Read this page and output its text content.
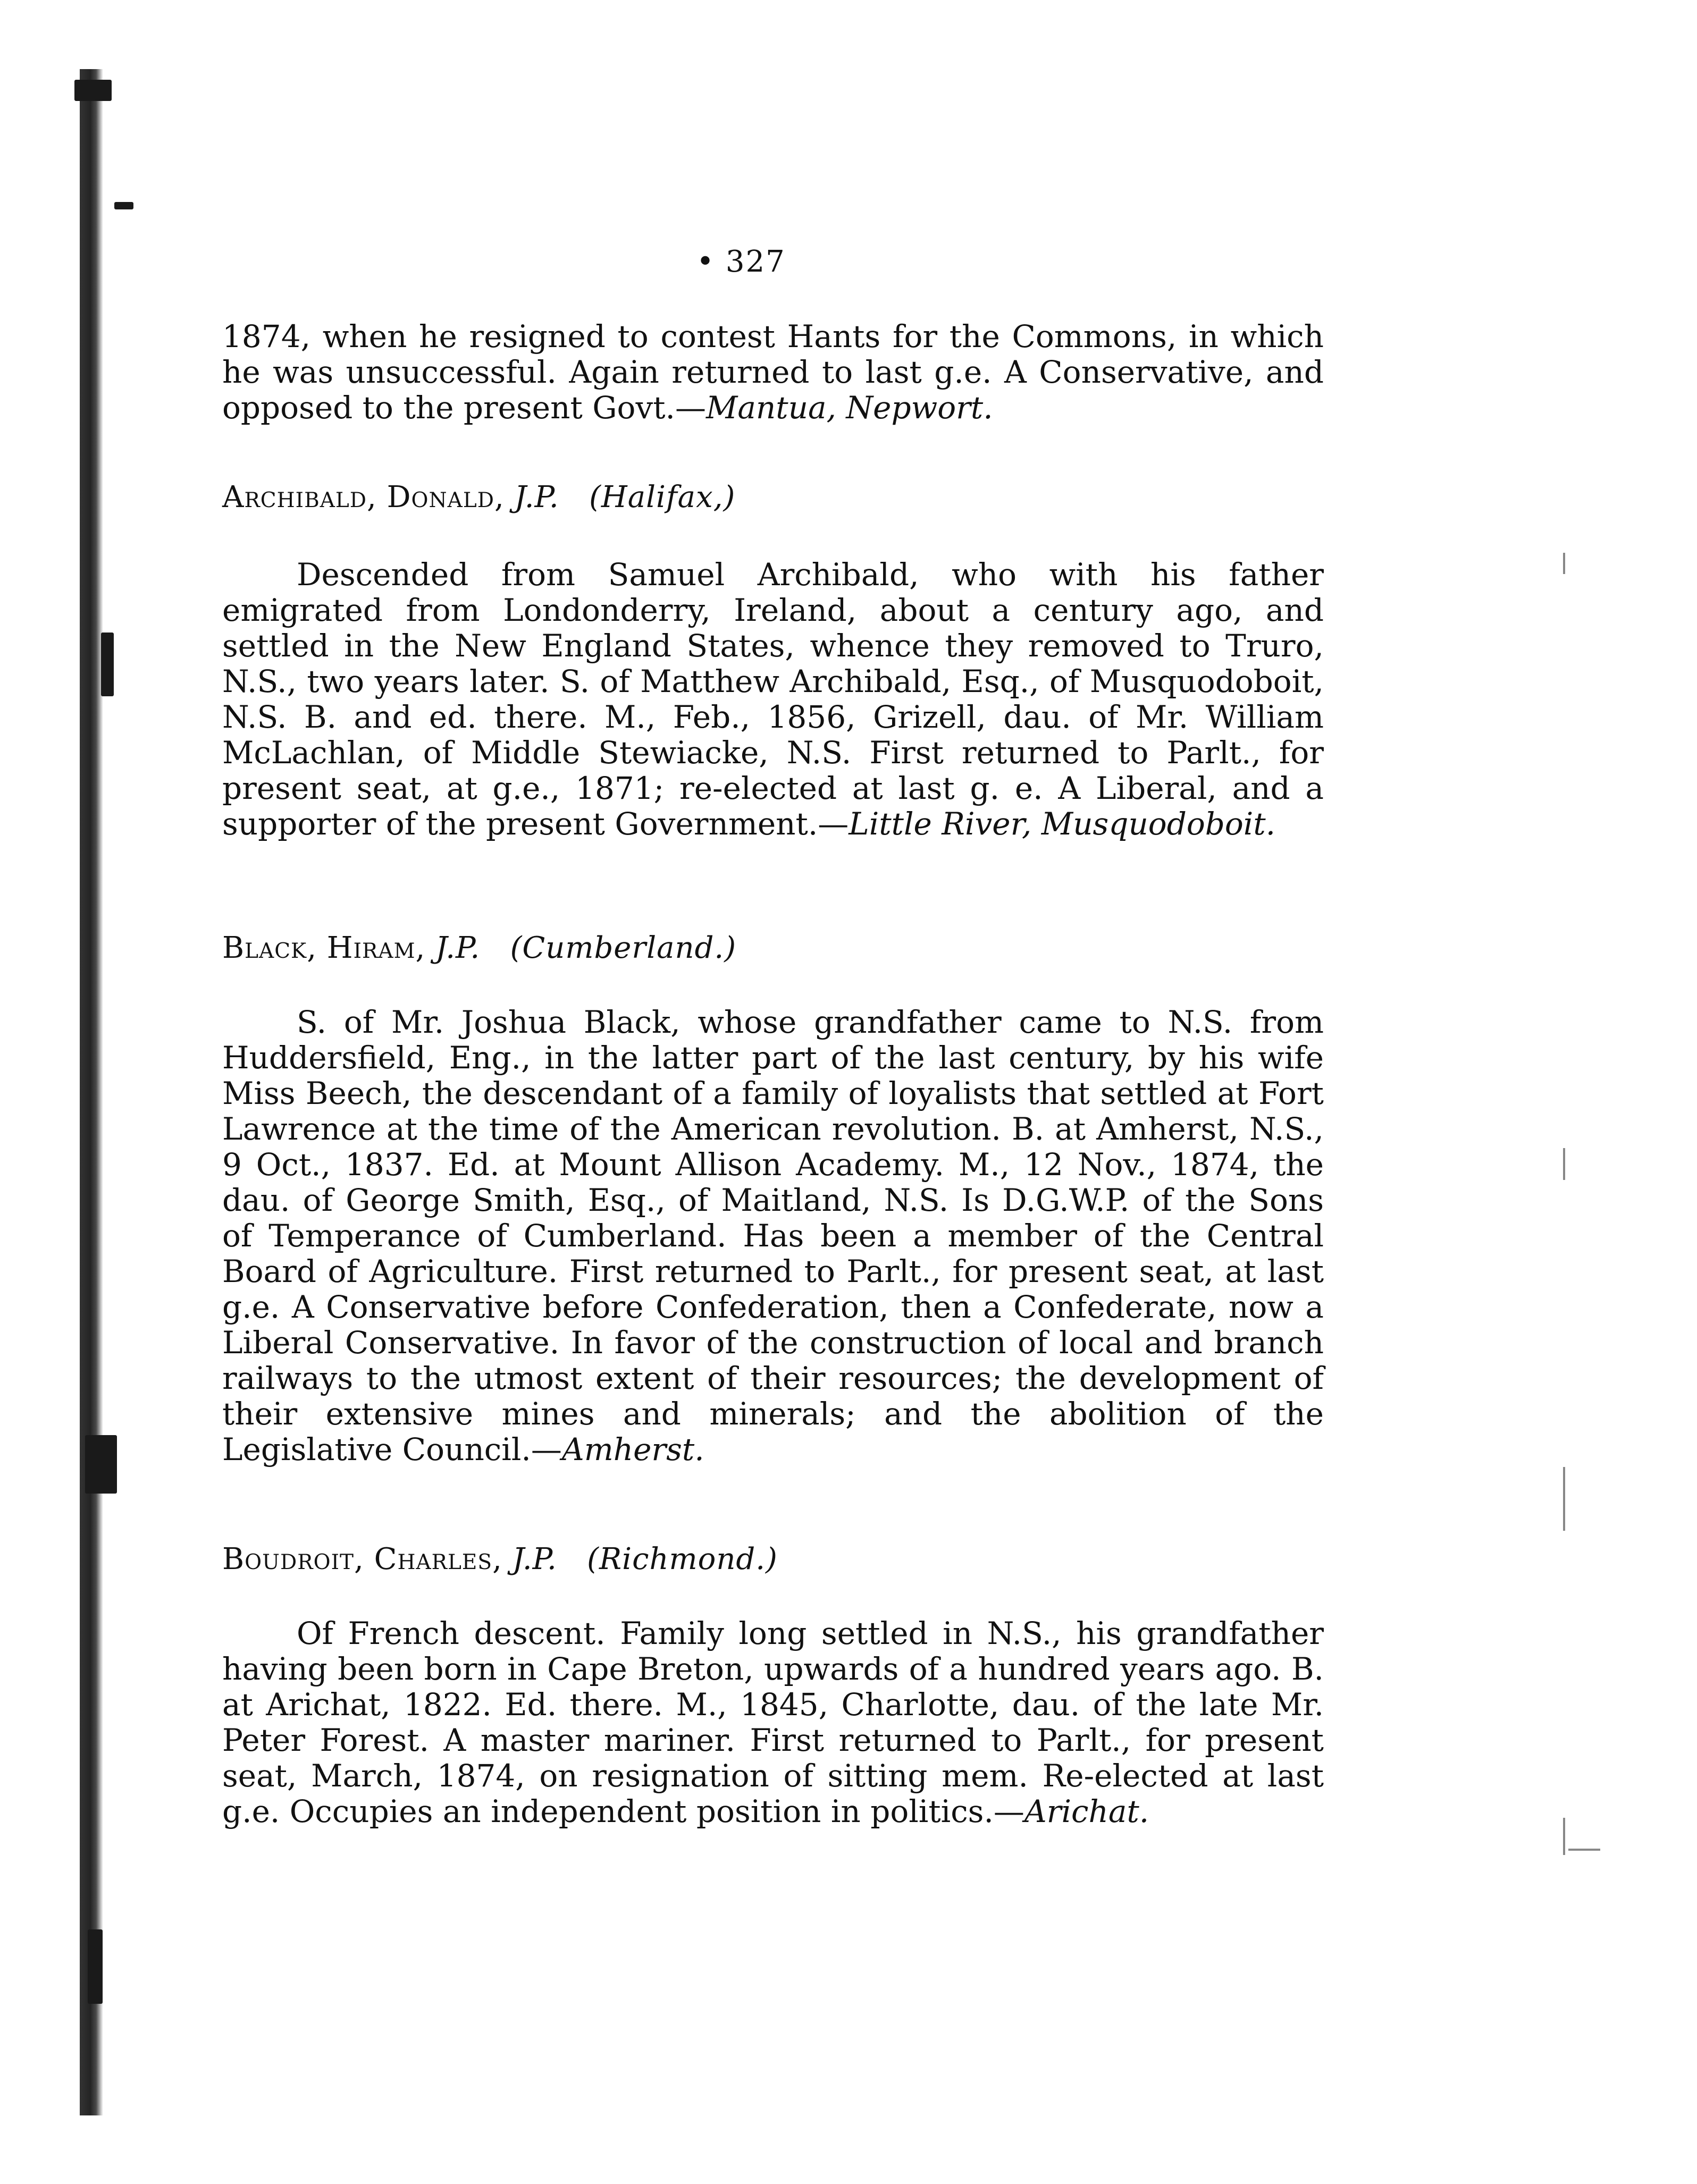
• 327

1874, when he resigned to contest Hants for the Commons, in which he was unsuccessful. Again returned to last g.e. A Conservative, and opposed to the present Govt.—Mantua, Nepwort.

Archibald, Donald, J.P. (Halifax,)

Descended from Samuel Archibald, who with his father emigrated from Londonderry, Ireland, about a century ago, and settled in the New England States, whence they removed to Truro, N.S., two years later. S. of Matthew Archibald, Esq., of Musquodoboit, N.S. B. and ed. there. M., Feb., 1856, Grizell, dau. of Mr. William McLachlan, of Middle Stewiacke, N.S. First returned to Parlt., for present seat, at g.e., 1871; re-elected at last g. e. A Liberal, and a supporter of the present Government.—Little River, Musquodoboit.

Black, Hiram, J.P. (Cumberland.)

S. of Mr. Joshua Black, whose grandfather came to N.S. from Huddersfield, Eng., in the latter part of the last century, by his wife Miss Beech, the descendant of a family of loyalists that settled at Fort Lawrence at the time of the American revolution. B. at Amherst, N.S., 9 Oct., 1837. Ed. at Mount Allison Academy. M., 12 Nov., 1874, the dau. of George Smith, Esq., of Maitland, N.S. Is D.G.W.P. of the Sons of Temperance of Cumberland. Has been a member of the Central Board of Agriculture. First returned to Parlt., for present seat, at last g.e. A Conservative before Confederation, then a Confederate, now a Liberal Conservative. In favor of the construction of local and branch railways to the utmost extent of their resources; the development of their extensive mines and minerals; and the abolition of the Legislative Council.—Amherst.

Boudroit, Charles, J.P. (Richmond.)

Of French descent. Family long settled in N.S., his grandfather having been born in Cape Breton, upwards of a hundred years ago. B. at Arichat, 1822. Ed. there. M., 1845, Charlotte, dau. of the late Mr. Peter Forest. A master mariner. First returned to Parlt., for present seat, March, 1874, on resignation of sitting mem. Re-elected at last g.e. Occupies an independent position in politics.—Arichat.
